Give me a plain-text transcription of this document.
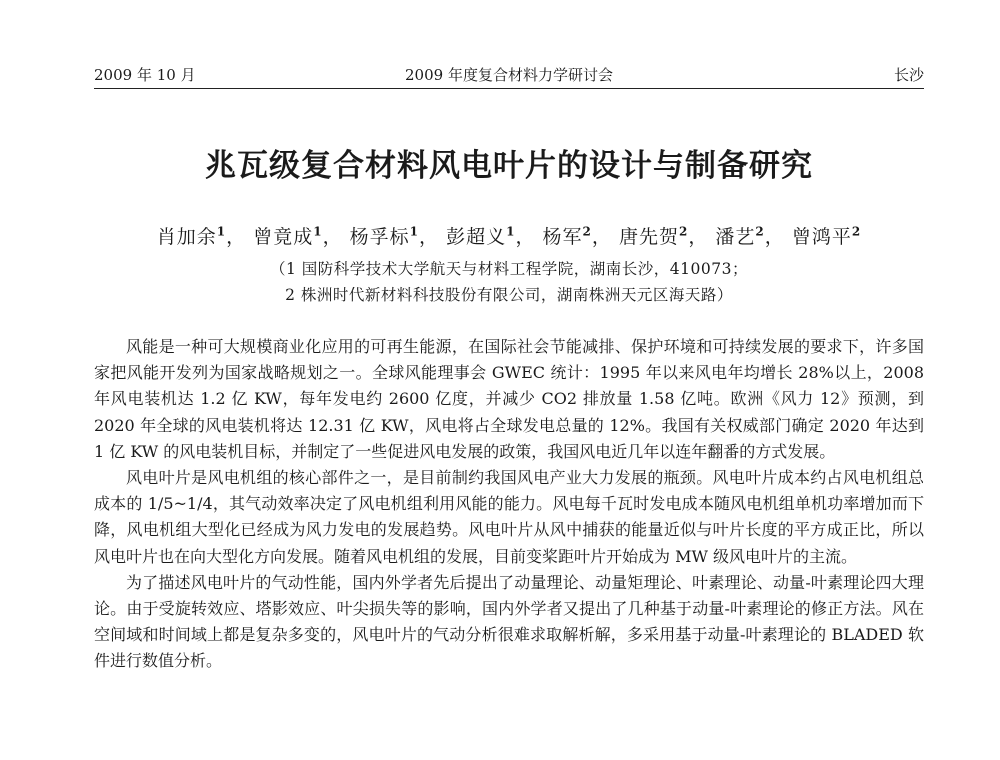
2009 年 10 月	2009 年度复合材料力学研讨会	长沙
兆瓦级复合材料风电叶片的设计与制备研究
肖加余$^1$， 曾竟成$^1$， 杨孚标$^1$， 彭超义$^1$， 杨军$^2$， 唐先贺$^2$， 潘艺$^2$， 曾鸿平$^2$
（1 国防科学技术大学航天与材料工程学院，湖南长沙，410073；
2 株洲时代新材料科技股份有限公司，湖南株洲天元区海天路）

风能是一种可大规模商业化应用的可再生能源，在国际社会节能减排、保护环境和可持续发展的要求下，许多国家把风能开发列为国家战略规划之一。全球风能理事会 GWEC 统计：1995 年以来风电年均增长 28%以上，2008 年风电装机达 1.2 亿 KW，每年发电约 2600 亿度，并减少 CO2 排放量 1.58 亿吨。欧洲《风力 12》预测，到 2020 年全球的风电装机将达 12.31 亿 KW，风电将占全球发电总量的 12%。我国有关权威部门确定 2020 年达到 1 亿 KW 的风电装机目标，并制定了一些促进风电发展的政策，我国风电近几年以连年翻番的方式发展。

风电叶片是风电机组的核心部件之一，是目前制约我国风电产业大力发展的瓶颈。风电叶片成本约占风电机组总成本的 1/5~1/4，其气动效率决定了风电机组利用风能的能力。风电每千瓦时发电成本随风电机组单机功率增加而下降，风电机组大型化已经成为风力发电的发展趋势。风电叶片从风中捕获的能量近似与叶片长度的平方成正比，所以风电叶片也在向大型化方向发展。随着风电机组的发展，目前变桨距叶片开始成为 MW 级风电叶片的主流。

为了描述风电叶片的气动性能，国内外学者先后提出了动量理论、动量矩理论、叶素理论、动量-叶素理论四大理论。由于受旋转效应、塔影效应、叶尖损失等的影响，国内外学者又提出了几种基于动量-叶素理论的修正方法。风在空间域和时间域上都是复杂多变的，风电叶片的气动分析很难求取解析解，多采用基于动量-叶素理论的 BLADED 软件进行数值分析。
